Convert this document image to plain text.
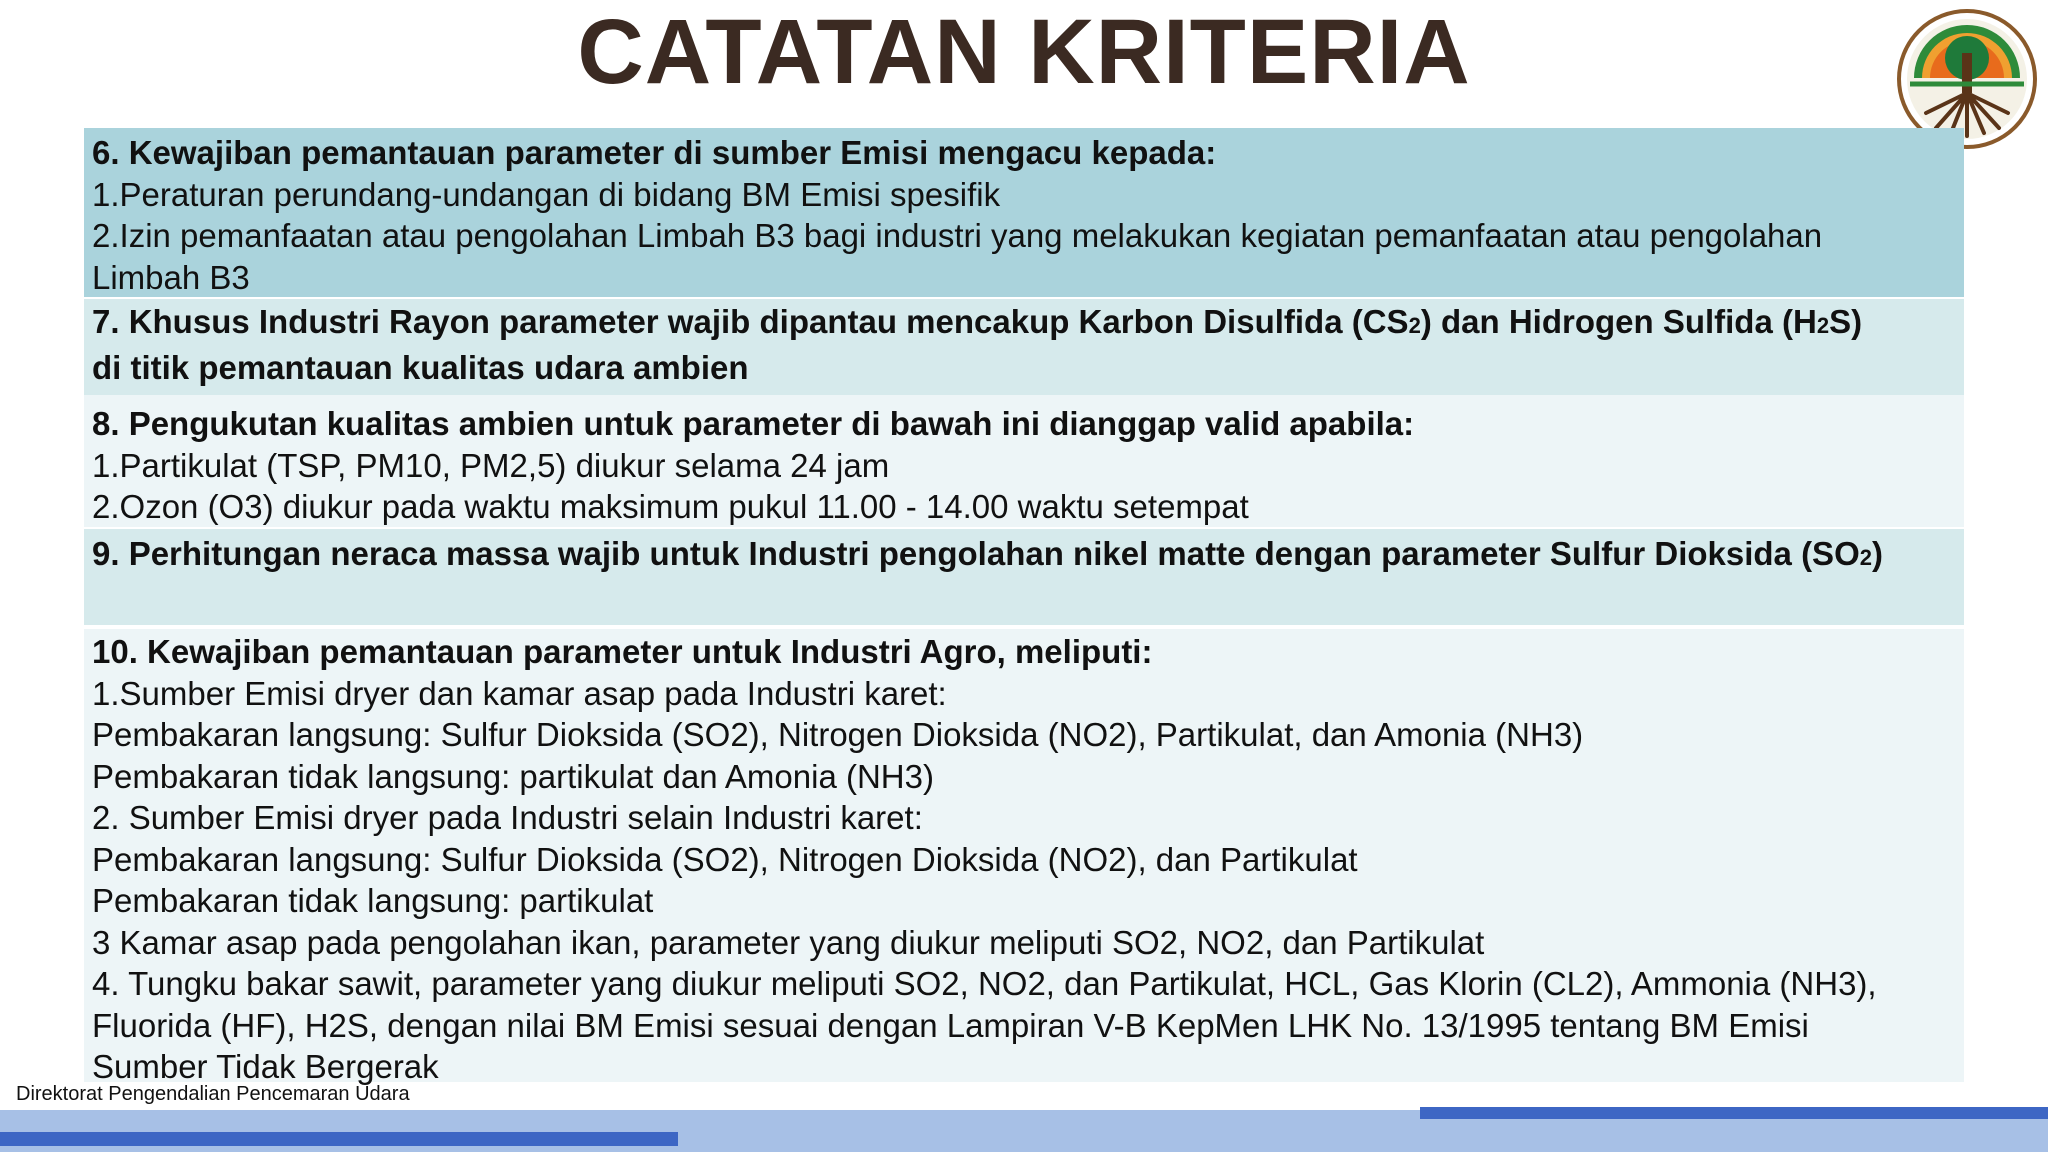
CATATAN KRITERIA

6. Kewajiban pemantauan parameter di sumber Emisi mengacu kepada:

1.Peraturan perundang-undangan di bidang BM Emisi spesifik

2.Izin pemanfaatan atau pengolahan Limbah B3 bagi industri yang melakukan kegiatan pemanfaatan atau pengolahan

Limbah B3

7. Khusus Industri Rayon parameter wajib dipantau mencakup Karbon Disulfida (CS2) dan Hidrogen Sulfida (H2S)

di titik pemantauan kualitas udara ambien

8. Pengukutan kualitas ambien untuk parameter di bawah ini dianggap valid apabila:

1.Partikulat (TSP, PM10, PM2,5) diukur selama 24 jam

2.Ozon (O3) diukur pada waktu maksimum pukul 11.00 - 14.00 waktu setempat

9. Perhitungan neraca massa wajib untuk Industri pengolahan nikel matte dengan parameter Sulfur Dioksida (SO2)

10. Kewajiban pemantauan parameter untuk Industri Agro, meliputi:

1.Sumber Emisi dryer dan kamar asap pada Industri karet:

Pembakaran langsung: Sulfur Dioksida (SO2), Nitrogen Dioksida (NO2), Partikulat, dan Amonia (NH3)

Pembakaran tidak langsung: partikulat dan Amonia (NH3)

2. Sumber Emisi dryer pada Industri selain Industri karet:

Pembakaran langsung: Sulfur Dioksida (SO2), Nitrogen Dioksida (NO2), dan Partikulat

Pembakaran tidak langsung: partikulat

3 Kamar asap pada pengolahan ikan, parameter yang diukur meliputi SO2, NO2, dan Partikulat

4. Tungku bakar sawit, parameter yang diukur meliputi SO2, NO2, dan Partikulat, HCL, Gas Klorin (CL2), Ammonia (NH3),

Fluorida (HF), H2S, dengan nilai BM Emisi sesuai dengan Lampiran V-B KepMen LHK No. 13/1995 tentang BM Emisi

Sumber Tidak Bergerak

Direktorat Pengendalian Pencemaran Udara
